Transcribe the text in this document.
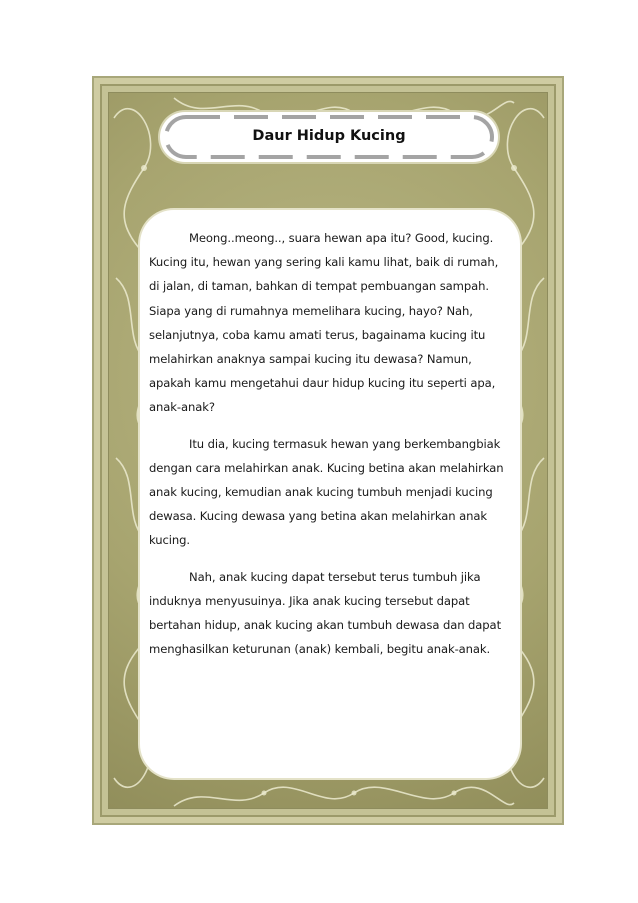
Daur Hidup Kucing

Meong..meong.., suara hewan apa itu? Good, kucing. Kucing itu, hewan yang sering kali kamu lihat, baik di rumah, di jalan, di taman, bahkan di tempat pembuangan sampah. Siapa yang di rumahnya memelihara kucing, hayo? Nah, selanjutnya, coba kamu amati terus, bagainama kucing itu melahirkan anaknya sampai kucing itu dewasa? Namun, apakah kamu mengetahui daur hidup kucing itu seperti apa, anak-anak?

Itu dia, kucing termasuk hewan yang berkembangbiak dengan cara melahirkan anak. Kucing betina akan melahirkan anak kucing, kemudian anak kucing tumbuh menjadi kucing dewasa. Kucing dewasa yang betina akan melahirkan anak kucing.

Nah, anak kucing dapat tersebut terus tumbuh jika induknya menyusuinya. Jika anak kucing tersebut dapat bertahan hidup, anak kucing akan tumbuh dewasa dan dapat menghasilkan keturunan (anak) kembali, begitu anak-anak.
